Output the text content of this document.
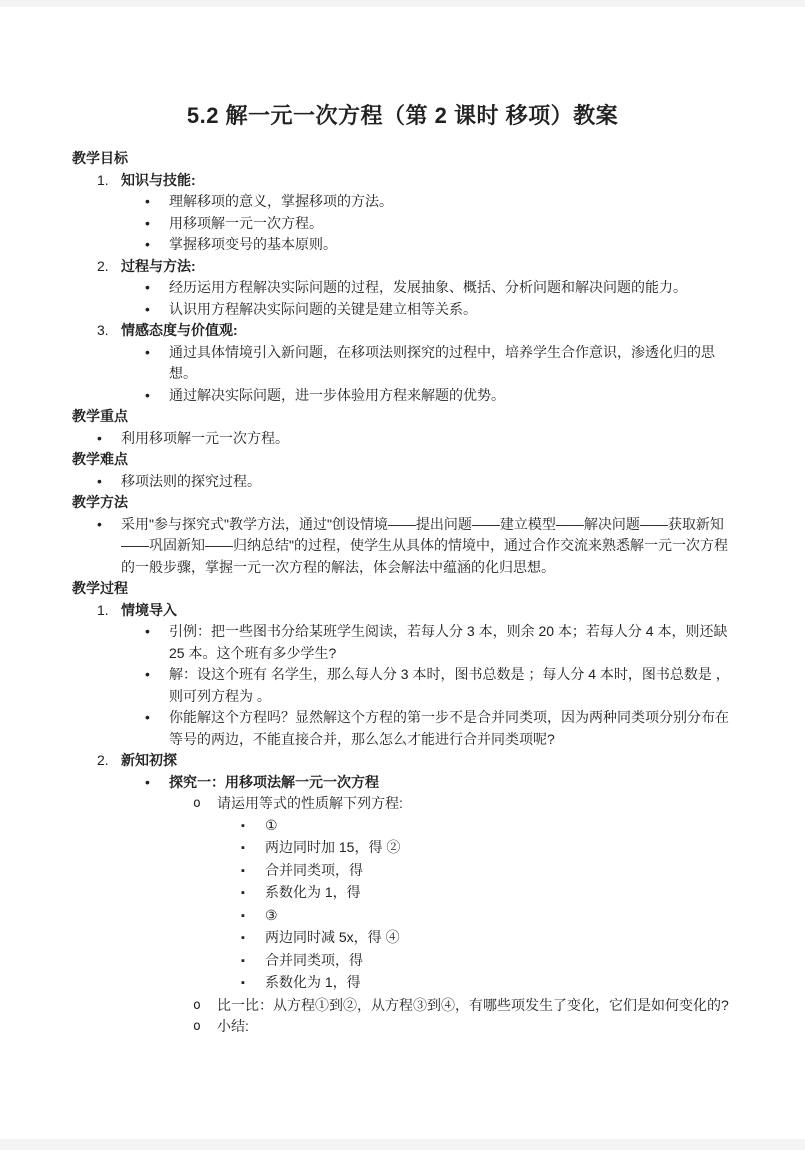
5.2 解一元一次方程（第 2 课时 移项）教案
教学目标
1. 知识与技能:
•	理解移项的意义，掌握移项的方法。
•	用移项解一元一次方程。
•	掌握移项变号的基本原则。
2. 过程与方法:
•	经历运用方程解决实际问题的过程，发展抽象、概括、分析问题和解决问题的能力。
•	认识用方程解决实际问题的关键是建立相等关系。
3. 情感态度与价值观:
•	通过具体情境引入新问题，在移项法则探究的过程中，培养学生合作意识，渗透化归的思想。
•	通过解决实际问题，进一步体验用方程来解题的优势。
教学重点
•	利用移项解一元一次方程。
教学难点
•	移项法则的探究过程。
教学方法
•	采用"参与探究式"教学方法，通过"创设情境——提出问题——建立模型——解决问题——获取新知——巩固新知——归纳总结"的过程，使学生从具体的情境中，通过合作交流来熟悉解一元一次方程的一般步骤，掌握一元一次方程的解法，体会解法中蕴涵的化归思想。
教学过程
1. 情境导入
•	引例：把一些图书分给某班学生阅读，若每人分 3 本，则余 20 本；若每人分 4 本，则还缺 25 本。这个班有多少学生?
•	解：设这个班有 名学生，那么每人分 3 本时，图书总数是 ；每人分 4 本时，图书总数是 ，则可列方程为 。
•	你能解这个方程吗？显然解这个方程的第一步不是合并同类项，因为两种同类项分别分布在等号的两边，不能直接合并，那么怎么才能进行合并同类项呢?
2. 新知初探
•	探究一：用移项法解一元一次方程
o	请运用等式的性质解下列方程:
▪	①
▪	两边同时加 15，得 ②
▪	合并同类项，得
▪	系数化为 1，得
▪	③
▪	两边同时减 5x，得 ④
▪	合并同类项，得
▪	系数化为 1，得
o	比一比：从方程①到②，从方程③到④，有哪些项发生了变化，它们是如何变化的?
o	小结:
